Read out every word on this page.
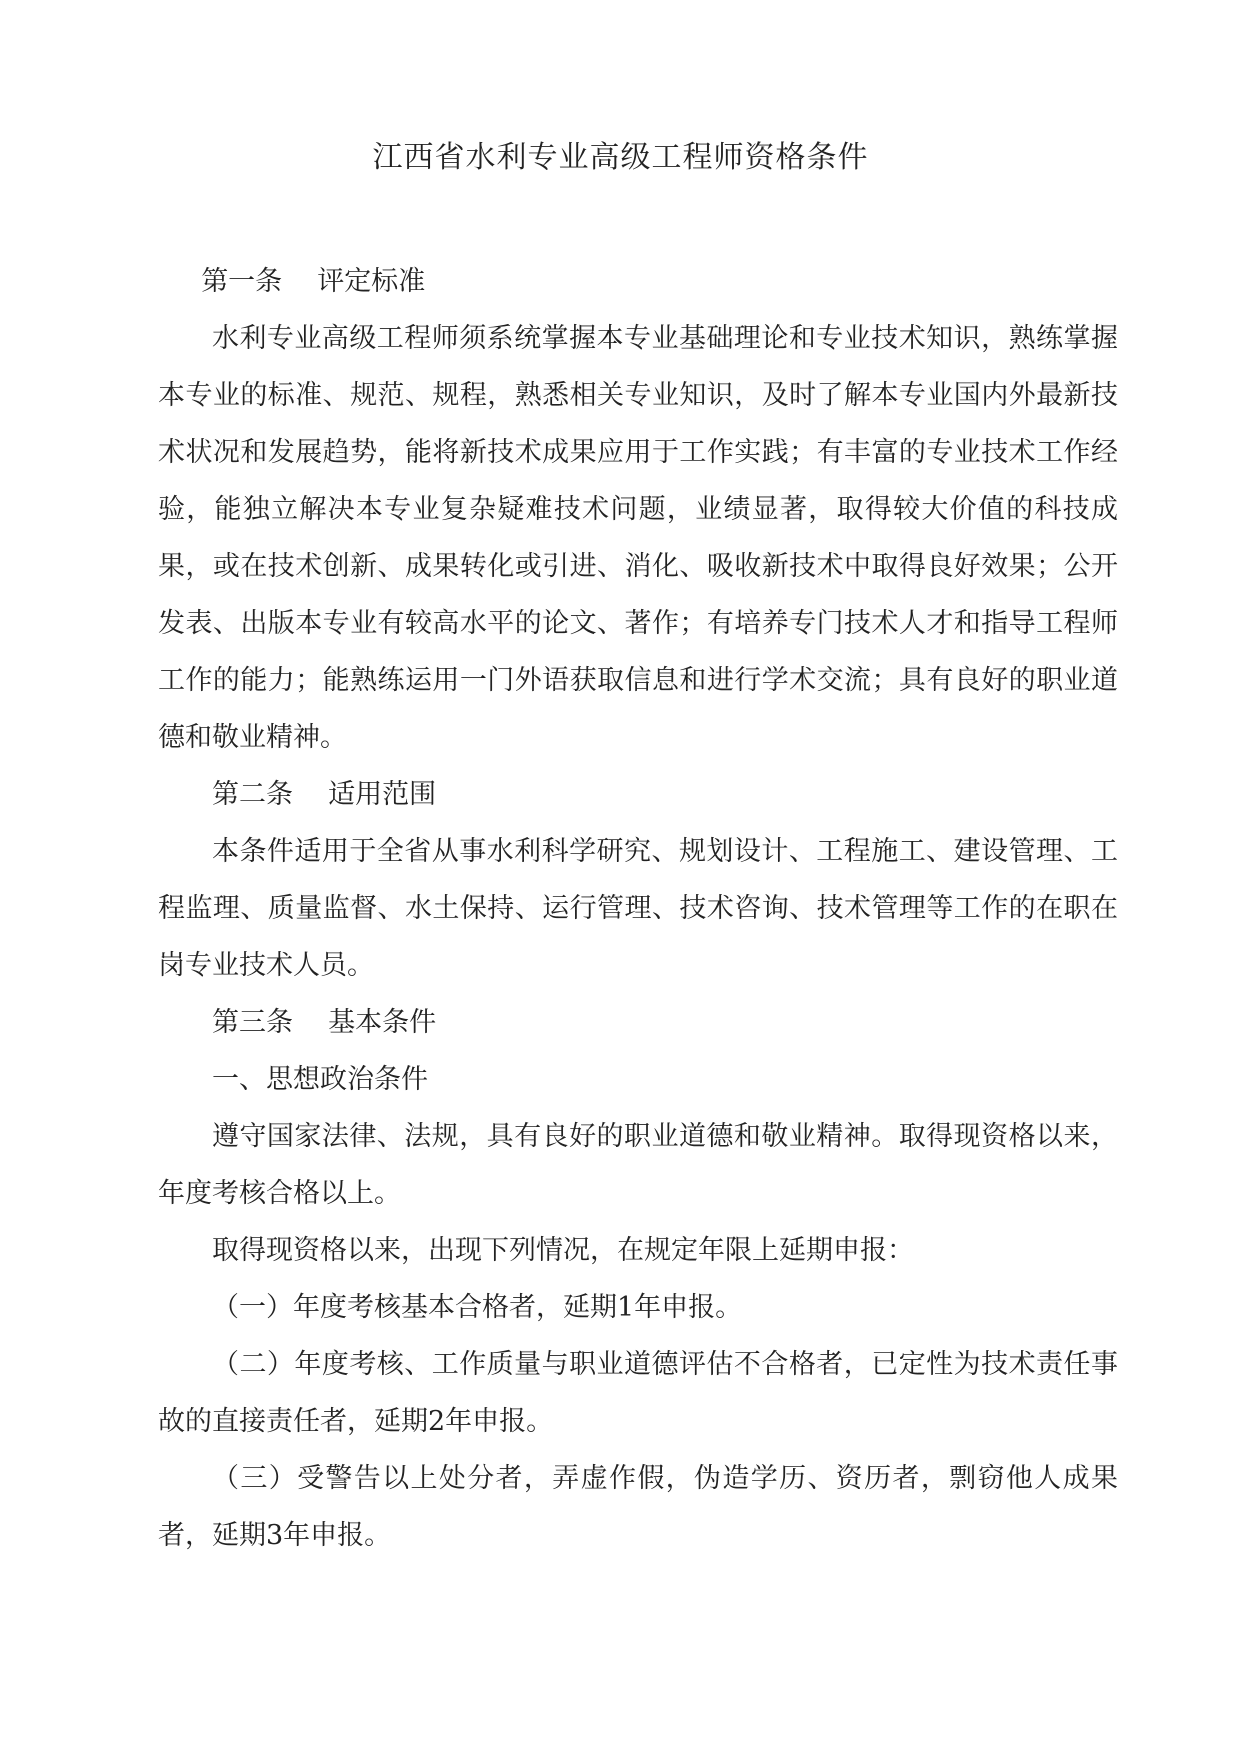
江西省水利专业高级工程师资格条件

第一条 评定标准

水利专业高级工程师须系统掌握本专业基础理论和专业技术知识，熟练掌握本专业的标准、规范、规程，熟悉相关专业知识，及时了解本专业国内外最新技术状况和发展趋势，能将新技术成果应用于工作实践；有丰富的专业技术工作经验，能独立解决本专业复杂疑难技术问题，业绩显著，取得较大价值的科技成果，或在技术创新、成果转化或引进、消化、吸收新技术中取得良好效果；公开发表、出版本专业有较高水平的论文、著作；有培养专门技术人才和指导工程师工作的能力；能熟练运用一门外语获取信息和进行学术交流；具有良好的职业道德和敬业精神。

第二条 适用范围

本条件适用于全省从事水利科学研究、规划设计、工程施工、建设管理、工程监理、质量监督、水土保持、运行管理、技术咨询、技术管理等工作的在职在岗专业技术人员。

第三条 基本条件

一、思想政治条件

遵守国家法律、法规，具有良好的职业道德和敬业精神。取得现资格以来，年度考核合格以上。

取得现资格以来，出现下列情况，在规定年限上延期申报：

（一）年度考核基本合格者，延期1年申报。

（二）年度考核、工作质量与职业道德评估不合格者，已定性为技术责任事故的直接责任者，延期2年申报。

（三）受警告以上处分者，弄虚作假，伪造学历、资历者，剽窃他人成果者，延期3年申报。
